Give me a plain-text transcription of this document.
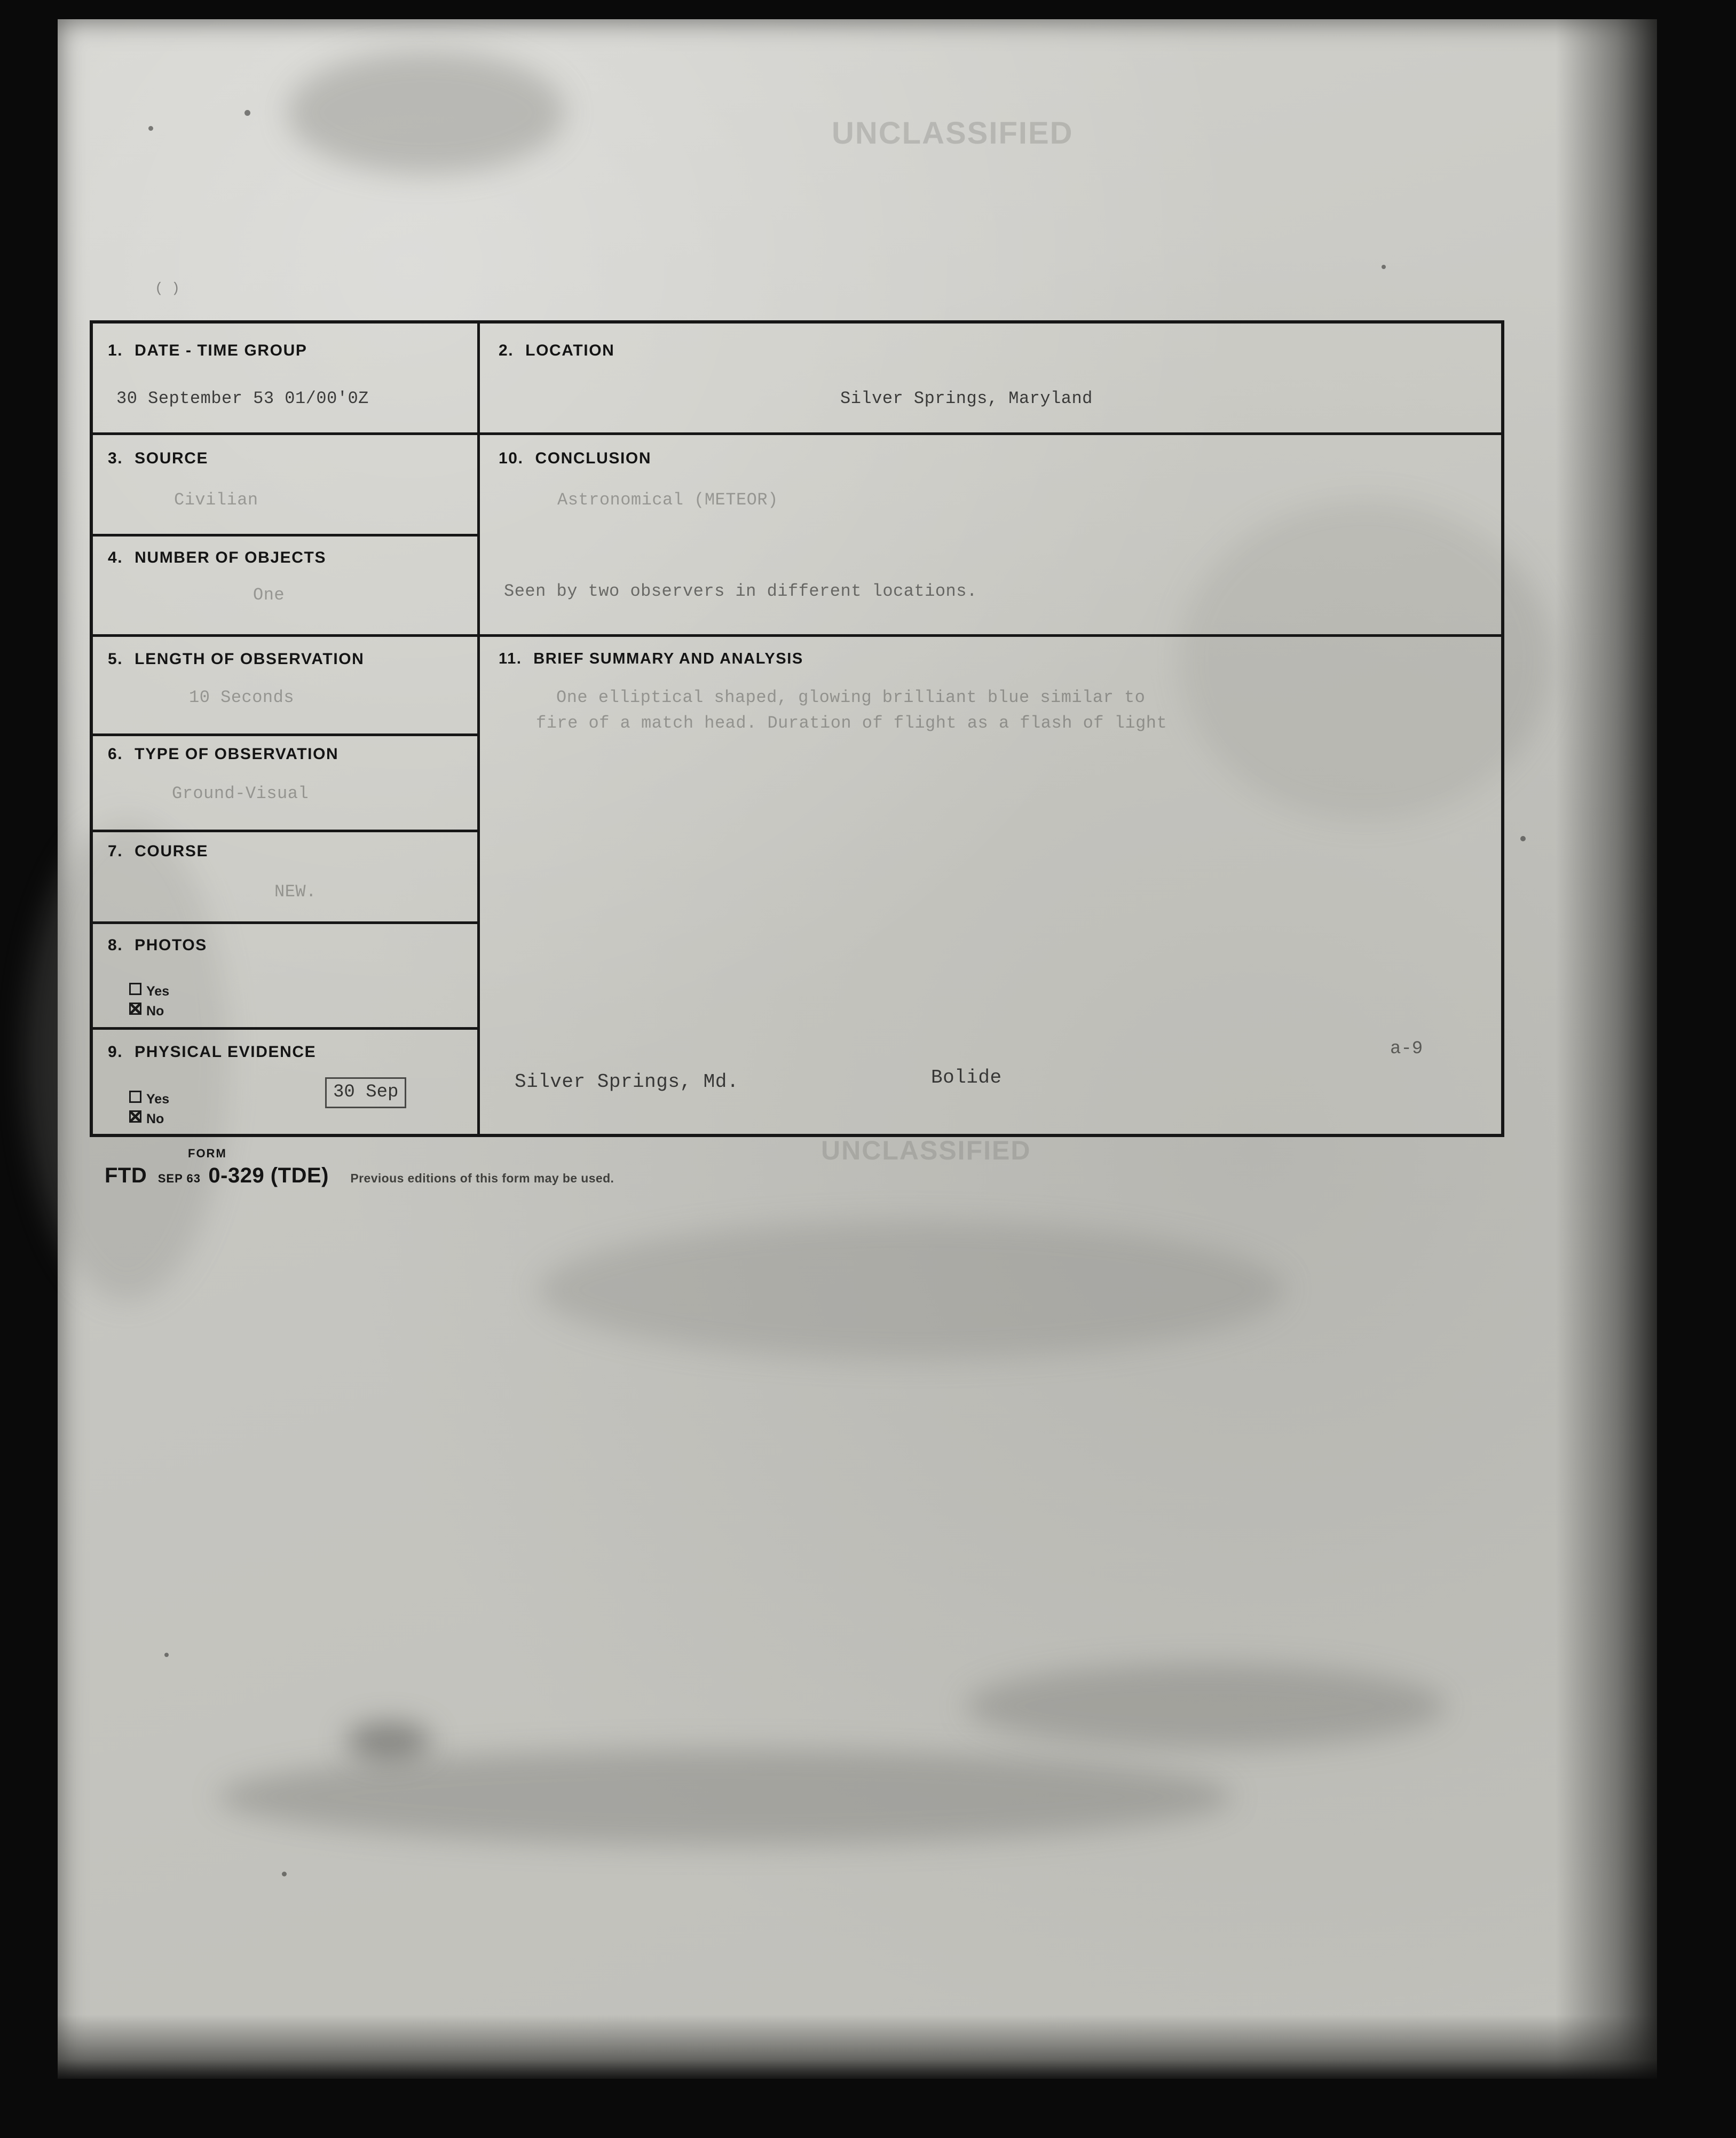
UNCLASSIFIED
UNCLASSIFIED
( )
1. DATE - TIME GROUP
30 September 53 01/00'0Z
2. LOCATION
Silver Springs, Maryland
3. SOURCE
Civilian
10. CONCLUSION
Astronomical (METEOR)
Seen by two observers in different locations.
4. NUMBER OF OBJECTS
One
5. LENGTH OF OBSERVATION
10 Seconds
11. BRIEF SUMMARY AND ANALYSIS
One elliptical shaped, glowing brilliant blue similar to
fire of a match head. Duration of flight as a flash of light
6. TYPE OF OBSERVATION
Ground-Visual
7. COURSE
NEW.
8. PHOTOS
Yes
No
9. PHYSICAL EVIDENCE
Yes
No
30 Sep	Silver Springs, Md.	Bolide
a-9
FORM
FTD SEP 63 0-329 (TDE) Previous editions of this form may be used.
